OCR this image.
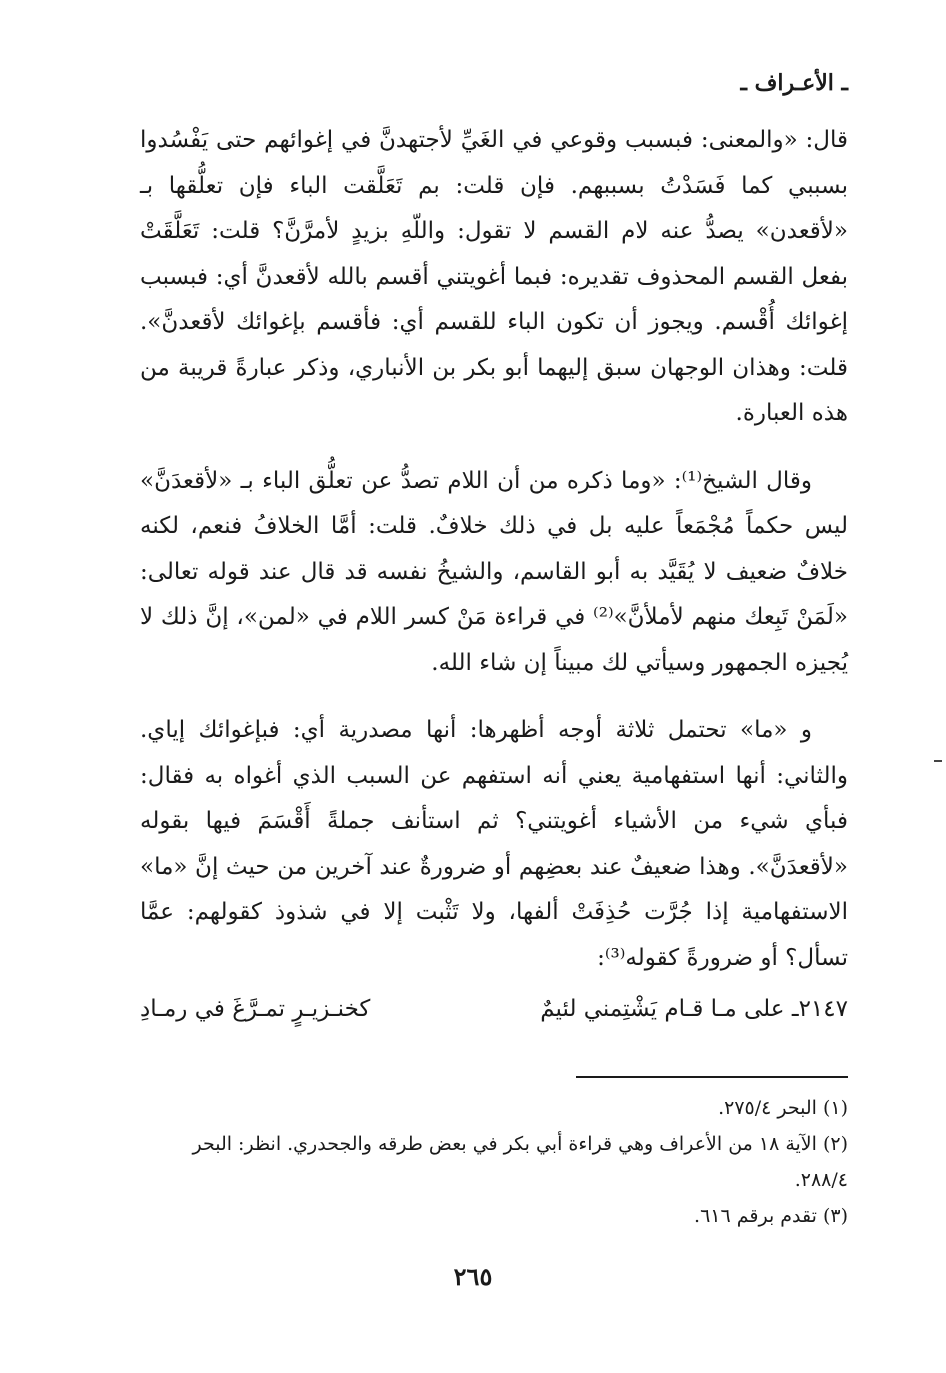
ـ الأعـراف ـ

قال: «والمعنى: فبسبب وقوعي في الغَيِّ لأجتهدنَّ في إغوائهم حتى يَفْسُدوا بسببي كما فَسَدْتُ بسببهم. فإن قلت: بم تَعَلَّقت الباء فإن تعلُّقها بـ «لأقعدن» يصدُّ عنه لام القسم لا تقول: واللّهِ بزيدٍ لأمرَّنَّ؟ قلت: تَعَلَّقَتْ بفعل القسم المحذوف تقديره: فبما أغويتني أقسم بالله لأقعدنَّ أي: فبسبب إغوائك أُقْسم. ويجوز أن تكون الباء للقسم أي: فأقسم بإغوائك لأقعدنَّ». قلت: وهذان الوجهان سبق إليهما أبو بكر بن الأنباري، وذكر عبارةً قريبة من هذه العبارة.

وقال الشيخ⁽¹⁾: «وما ذكره من أن اللام تصدُّ عن تعلُّق الباء بـ «لأقعدَنَّ» ليس حكماً مُجْمَعاً عليه بل في ذلك خلافٌ. قلت: أمَّا الخلافُ فنعم، لكنه خلافٌ ضعيف لا يُقَيَّد به أبو القاسم، والشيخُ نفسه قد قال عند قوله تعالى: «لَمَنْ تَبِعك منهم لأملأنَّ»⁽²⁾ في قراءة مَنْ كسر اللام في «لمن»، إنَّ ذلك لا يُجيزه الجمهور وسيأتي لك مبيناً إن شاء الله.

و «ما» تحتمل ثلاثة أوجه أظهرها: أنها مصدرية أي: فبإغوائك إياي. والثاني: أنها استفهامية يعني أنه استفهم عن السبب الذي أغواه به فقال: فبأي شيء من الأشياء أغويتني؟ ثم استأنف جملةً أَقْسَمَ فيها بقوله «لأقعدَنَّ». وهذا ضعيفٌ عند بعضِهم أو ضرورةٌ عند آخرين من حيث إنَّ «ما» الاستفهامية إذا جُرَّت حُذِفَتْ ألفها، ولا تَثْبت إلا في شذوذ كقولهم: عمَّا تسأل؟ أو ضرورةً كقوله⁽³⁾:

٢١٤٧ـ على مـا قـام يَشْتِمني لئيمٌ
كخنـزيـرٍ تمـرَّغَ في رمـادِ

(١)البحر ٢٧٥/٤.

(٢)الآية ١٨ من الأعراف وهي قراءة أبي بكر في بعض طرقه والجحدري. انظر: البحر ٢٨٨/٤.

(٣)تقدم برقم ٦١٦.

٢٦٥
